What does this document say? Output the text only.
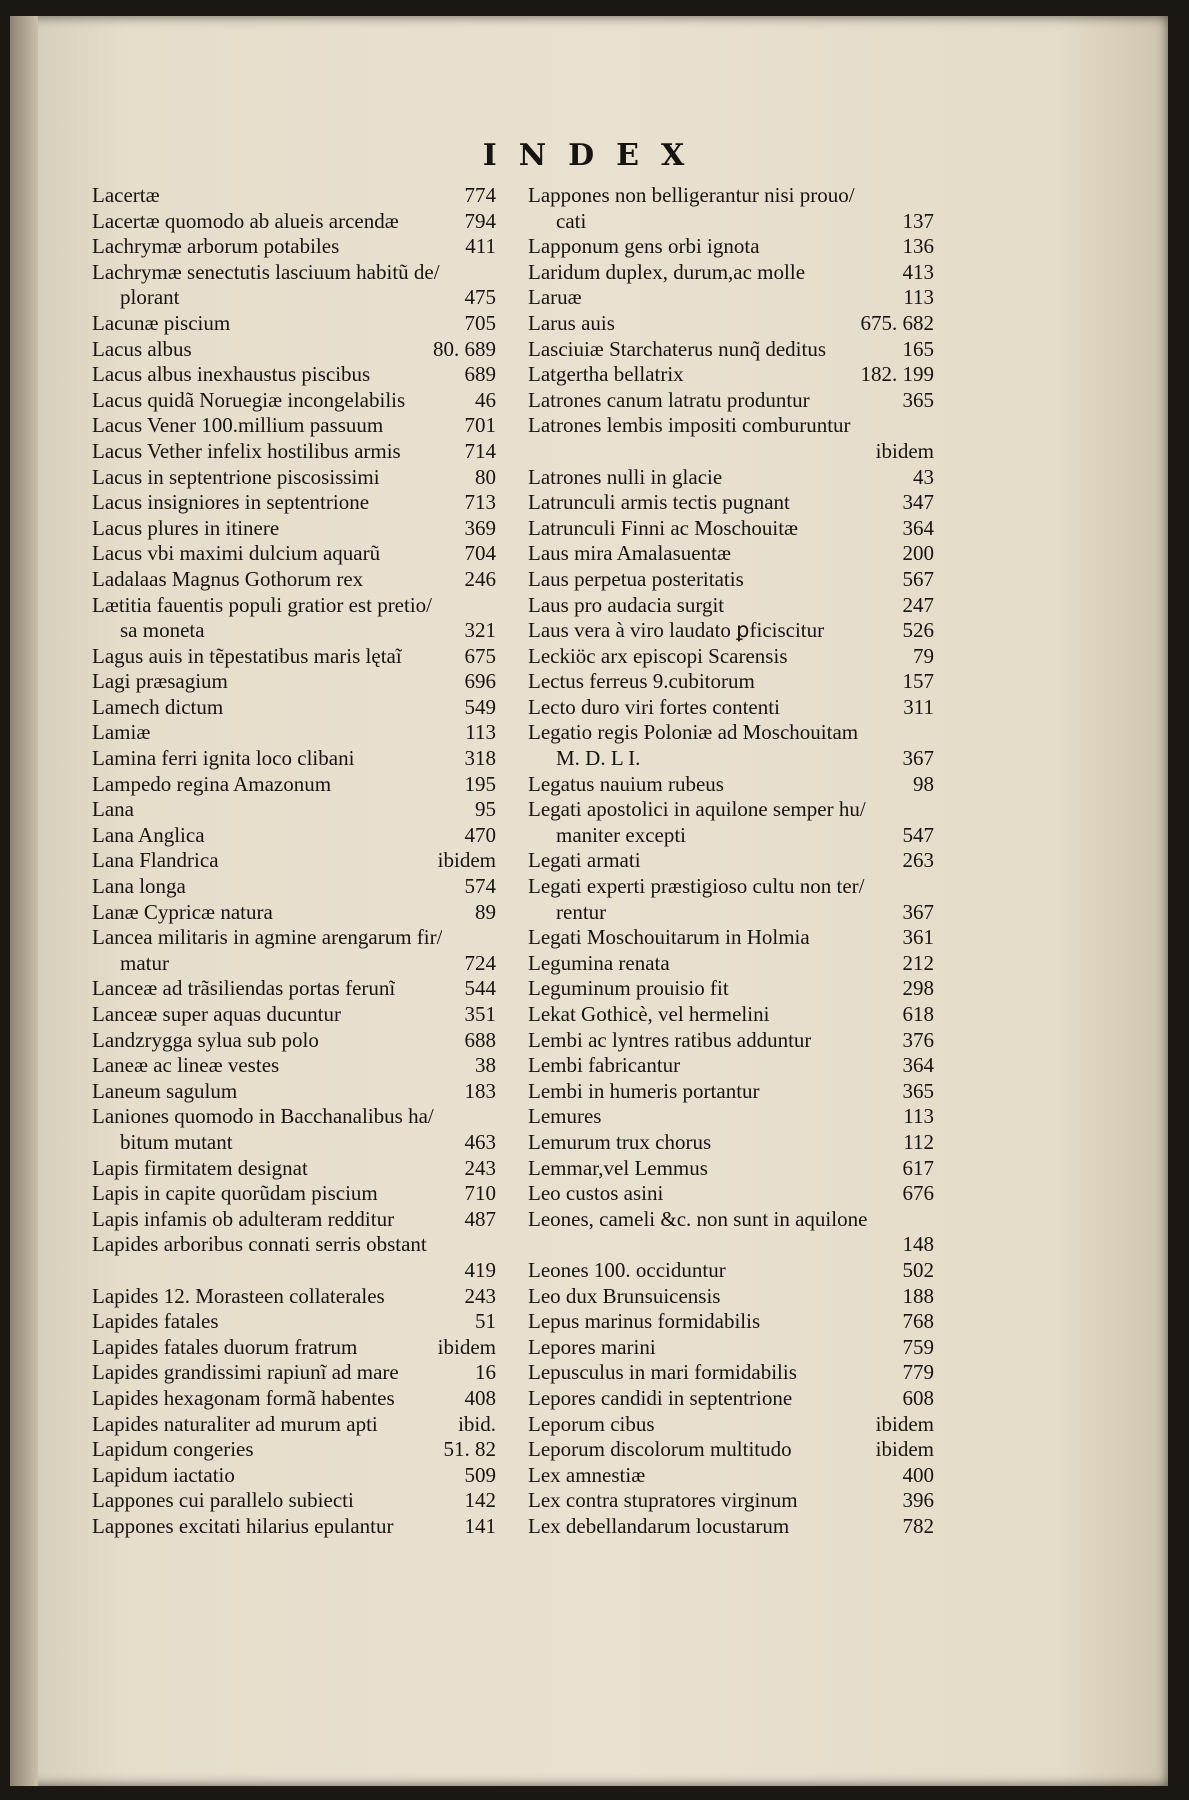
INDEX
Lacertæ	774
Lacertæ quomodo ab alueis arcendæ	794
Lachrymæ arborum potabiles	411
Lachrymæ senectutis lasciuum habitũ de/
plorant	475
Lacunæ piscium	705
Lacus albus	80. 689
Lacus albus inexhaustus piscibus	689
Lacus quidã Noruegiæ incongelabilis	46
Lacus Vener 100.millium passuum	701
Lacus Vether infelix hostilibus armis	714
Lacus in septentrione piscosissimi	80
Lacus insigniores in septentrione	713
Lacus plures in itinere	369
Lacus vbi maximi dulcium aquarũ	704
Ladalaas Magnus Gothorum rex	246
Lætitia fauentis populi gratior est pretio/
sa moneta	321
Lagus auis in tẽpestatibus maris lętaĩ	675
Lagi præsagium	696
Lamech dictum	549
Lamiæ	113
Lamina ferri ignita loco clibani	318
Lampedo regina Amazonum	195
Lana	95
Lana Anglica	470
Lana Flandrica	ibidem
Lana longa	574
Lanæ Cypricæ natura	89
Lancea militaris in agmine arengarum fir/
matur	724
Lanceæ ad trãsiliendas portas ferunĩ	544
Lanceæ super aquas ducuntur	351
Landzrygga sylua sub polo	688
Laneæ ac lineæ vestes	38
Laneum sagulum	183
Laniones quomodo in Bacchanalibus ha/
bitum mutant	463
Lapis firmitatem designat	243
Lapis in capite quorũdam piscium	710
Lapis infamis ob adulteram redditur	487
Lapides arboribus connati serris obstant
419
Lapides 12. Morasteen collaterales	243
Lapides fatales	51
Lapides fatales duorum fratrum	ibidem
Lapides grandissimi rapiunĩ ad mare	16
Lapides hexagonam formã habentes	408
Lapides naturaliter ad murum apti	ibid.
Lapidum congeries	51. 82
Lapidum iactatio	509
Lappones cui parallelo subiecti	142
Lappones excitati hilarius epulantur	141
Lappones non belligerantur nisi prouo/
cati	137
Lapponum gens orbi ignota	136
Laridum duplex, durum,ac molle	413
Laruæ	113
Larus auis	675. 682
Lasciuiæ Starchaterus nunq̃ deditus	165
Latgertha bellatrix	182. 199
Latrones canum latratu produntur	365
Latrones lembis impositi comburuntur
ibidem
Latrones nulli in glacie	43
Latrunculi armis tectis pugnant	347
Latrunculi Finni ac Moschouitæ	364
Laus mira Amalasuentæ	200
Laus perpetua posteritatis	567
Laus pro audacia surgit	247
Laus vera à viro laudato ꝑficiscitur	526
Leckiöc arx episcopi Scarensis	79
Lectus ferreus 9.cubitorum	157
Lecto duro viri fortes contenti	311
Legatio regis Poloniæ ad Moschouitam
M. D. L I.	367
Legatus nauium rubeus	98
Legati apostolici in aquilone semper hu/
maniter excepti	547
Legati armati	263
Legati experti præstigioso cultu non ter/
rentur	367
Legati Moschouitarum in Holmia	361
Legumina renata	212
Leguminum prouisio fit	298
Lekat Gothicè, vel hermelini	618
Lembi ac lyntres ratibus adduntur	376
Lembi fabricantur	364
Lembi in humeris portantur	365
Lemures	113
Lemurum trux chorus	112
Lemmar,vel Lemmus	617
Leo custos asini	676
Leones, cameli &c. non sunt in aquilone
148
Leones 100. occiduntur	502
Leo dux Brunsuicensis	188
Lepus marinus formidabilis	768
Lepores marini	759
Lepusculus in mari formidabilis	779
Lepores candidi in septentrione	608
Leporum cibus	ibidem
Leporum discolorum multitudo	ibidem
Lex amnestiæ	400
Lex contra stupratores virginum	396
Lex debellandarum locustarum	782
